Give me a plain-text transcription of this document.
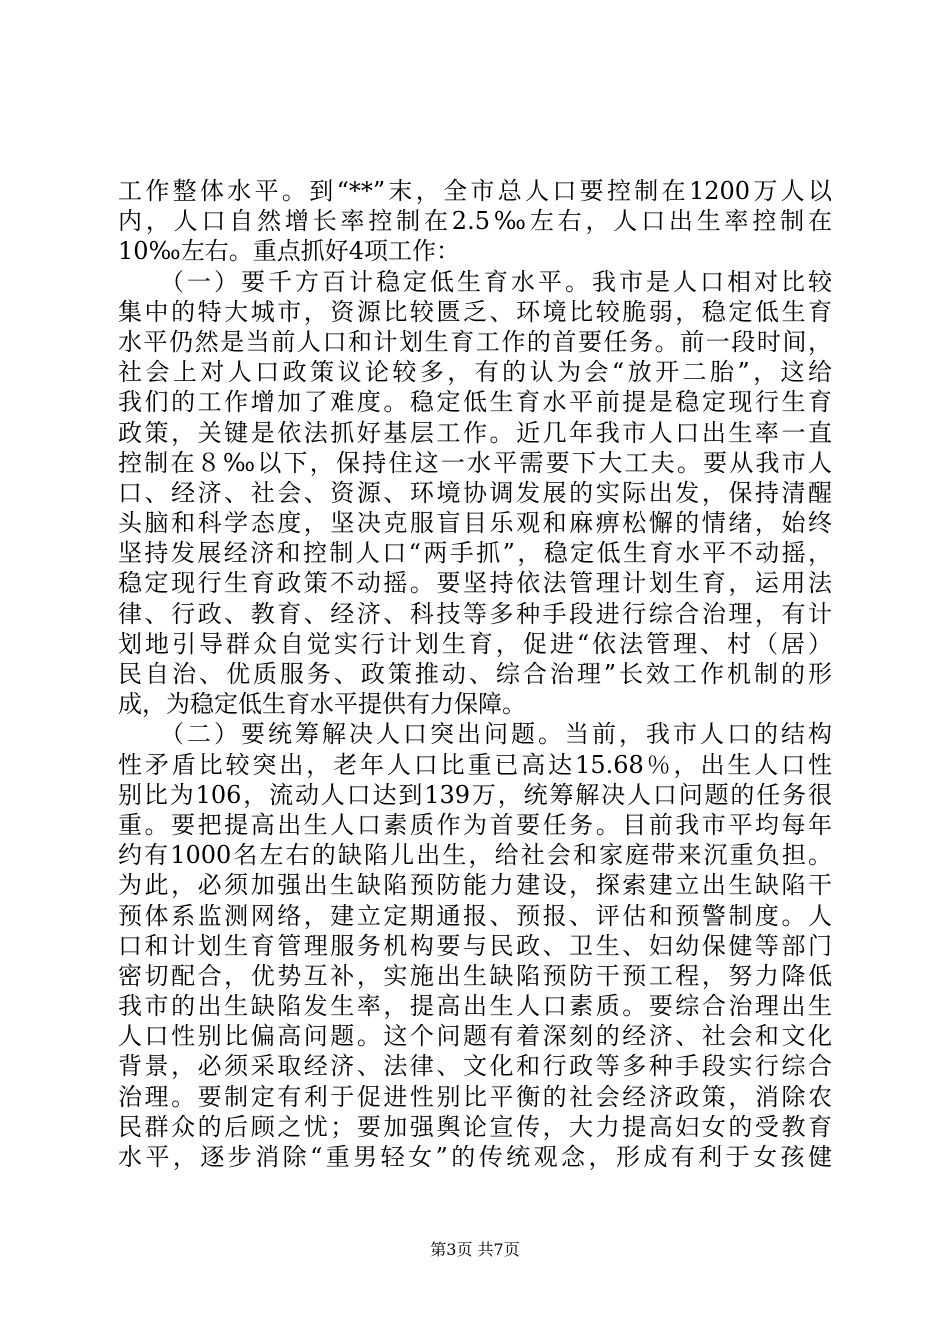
工作整体水平。到“**”末，全市总人口要控制在1200万人以
内，人口自然增长率控制在2.5‰左右，人口出生率控制在
10‰左右。重点抓好4项工作：
　　（一）要千方百计稳定低生育水平。我市是人口相对比较
集中的特大城市，资源比较匮乏、环境比较脆弱，稳定低生育
水平仍然是当前人口和计划生育工作的首要任务。前一段时间，
社会上对人口政策议论较多，有的认为会“放开二胎”，这给
我们的工作增加了难度。稳定低生育水平前提是稳定现行生育
政策，关键是依法抓好基层工作。近几年我市人口出生率一直
控制在８‰以下，保持住这一水平需要下大工夫。要从我市人
口、经济、社会、资源、环境协调发展的实际出发，保持清醒
头脑和科学态度，坚决克服盲目乐观和麻痹松懈的情绪，始终
坚持发展经济和控制人口“两手抓”，稳定低生育水平不动摇，
稳定现行生育政策不动摇。要坚持依法管理计划生育，运用法
律、行政、教育、经济、科技等多种手段进行综合治理，有计
划地引导群众自觉实行计划生育，促进“依法管理、村（居）
民自治、优质服务、政策推动、综合治理”长效工作机制的形
成，为稳定低生育水平提供有力保障。
　　（二）要统筹解决人口突出问题。当前，我市人口的结构
性矛盾比较突出，老年人口比重已高达15.68％，出生人口性
别比为106，流动人口达到139万，统筹解决人口问题的任务很
重。要把提高出生人口素质作为首要任务。目前我市平均每年
约有1000名左右的缺陷儿出生，给社会和家庭带来沉重负担。
为此，必须加强出生缺陷预防能力建设，探索建立出生缺陷干
预体系监测网络，建立定期通报、预报、评估和预警制度。人
口和计划生育管理服务机构要与民政、卫生、妇幼保健等部门
密切配合，优势互补，实施出生缺陷预防干预工程，努力降低
我市的出生缺陷发生率，提高出生人口素质。要综合治理出生
人口性别比偏高问题。这个问题有着深刻的经济、社会和文化
背景，必须采取经济、法律、文化和行政等多种手段实行综合
治理。要制定有利于促进性别比平衡的社会经济政策，消除农
民群众的后顾之忧；要加强舆论宣传，大力提高妇女的受教育
水平，逐步消除“重男轻女”的传统观念，形成有利于女孩健
第3页 共7页
